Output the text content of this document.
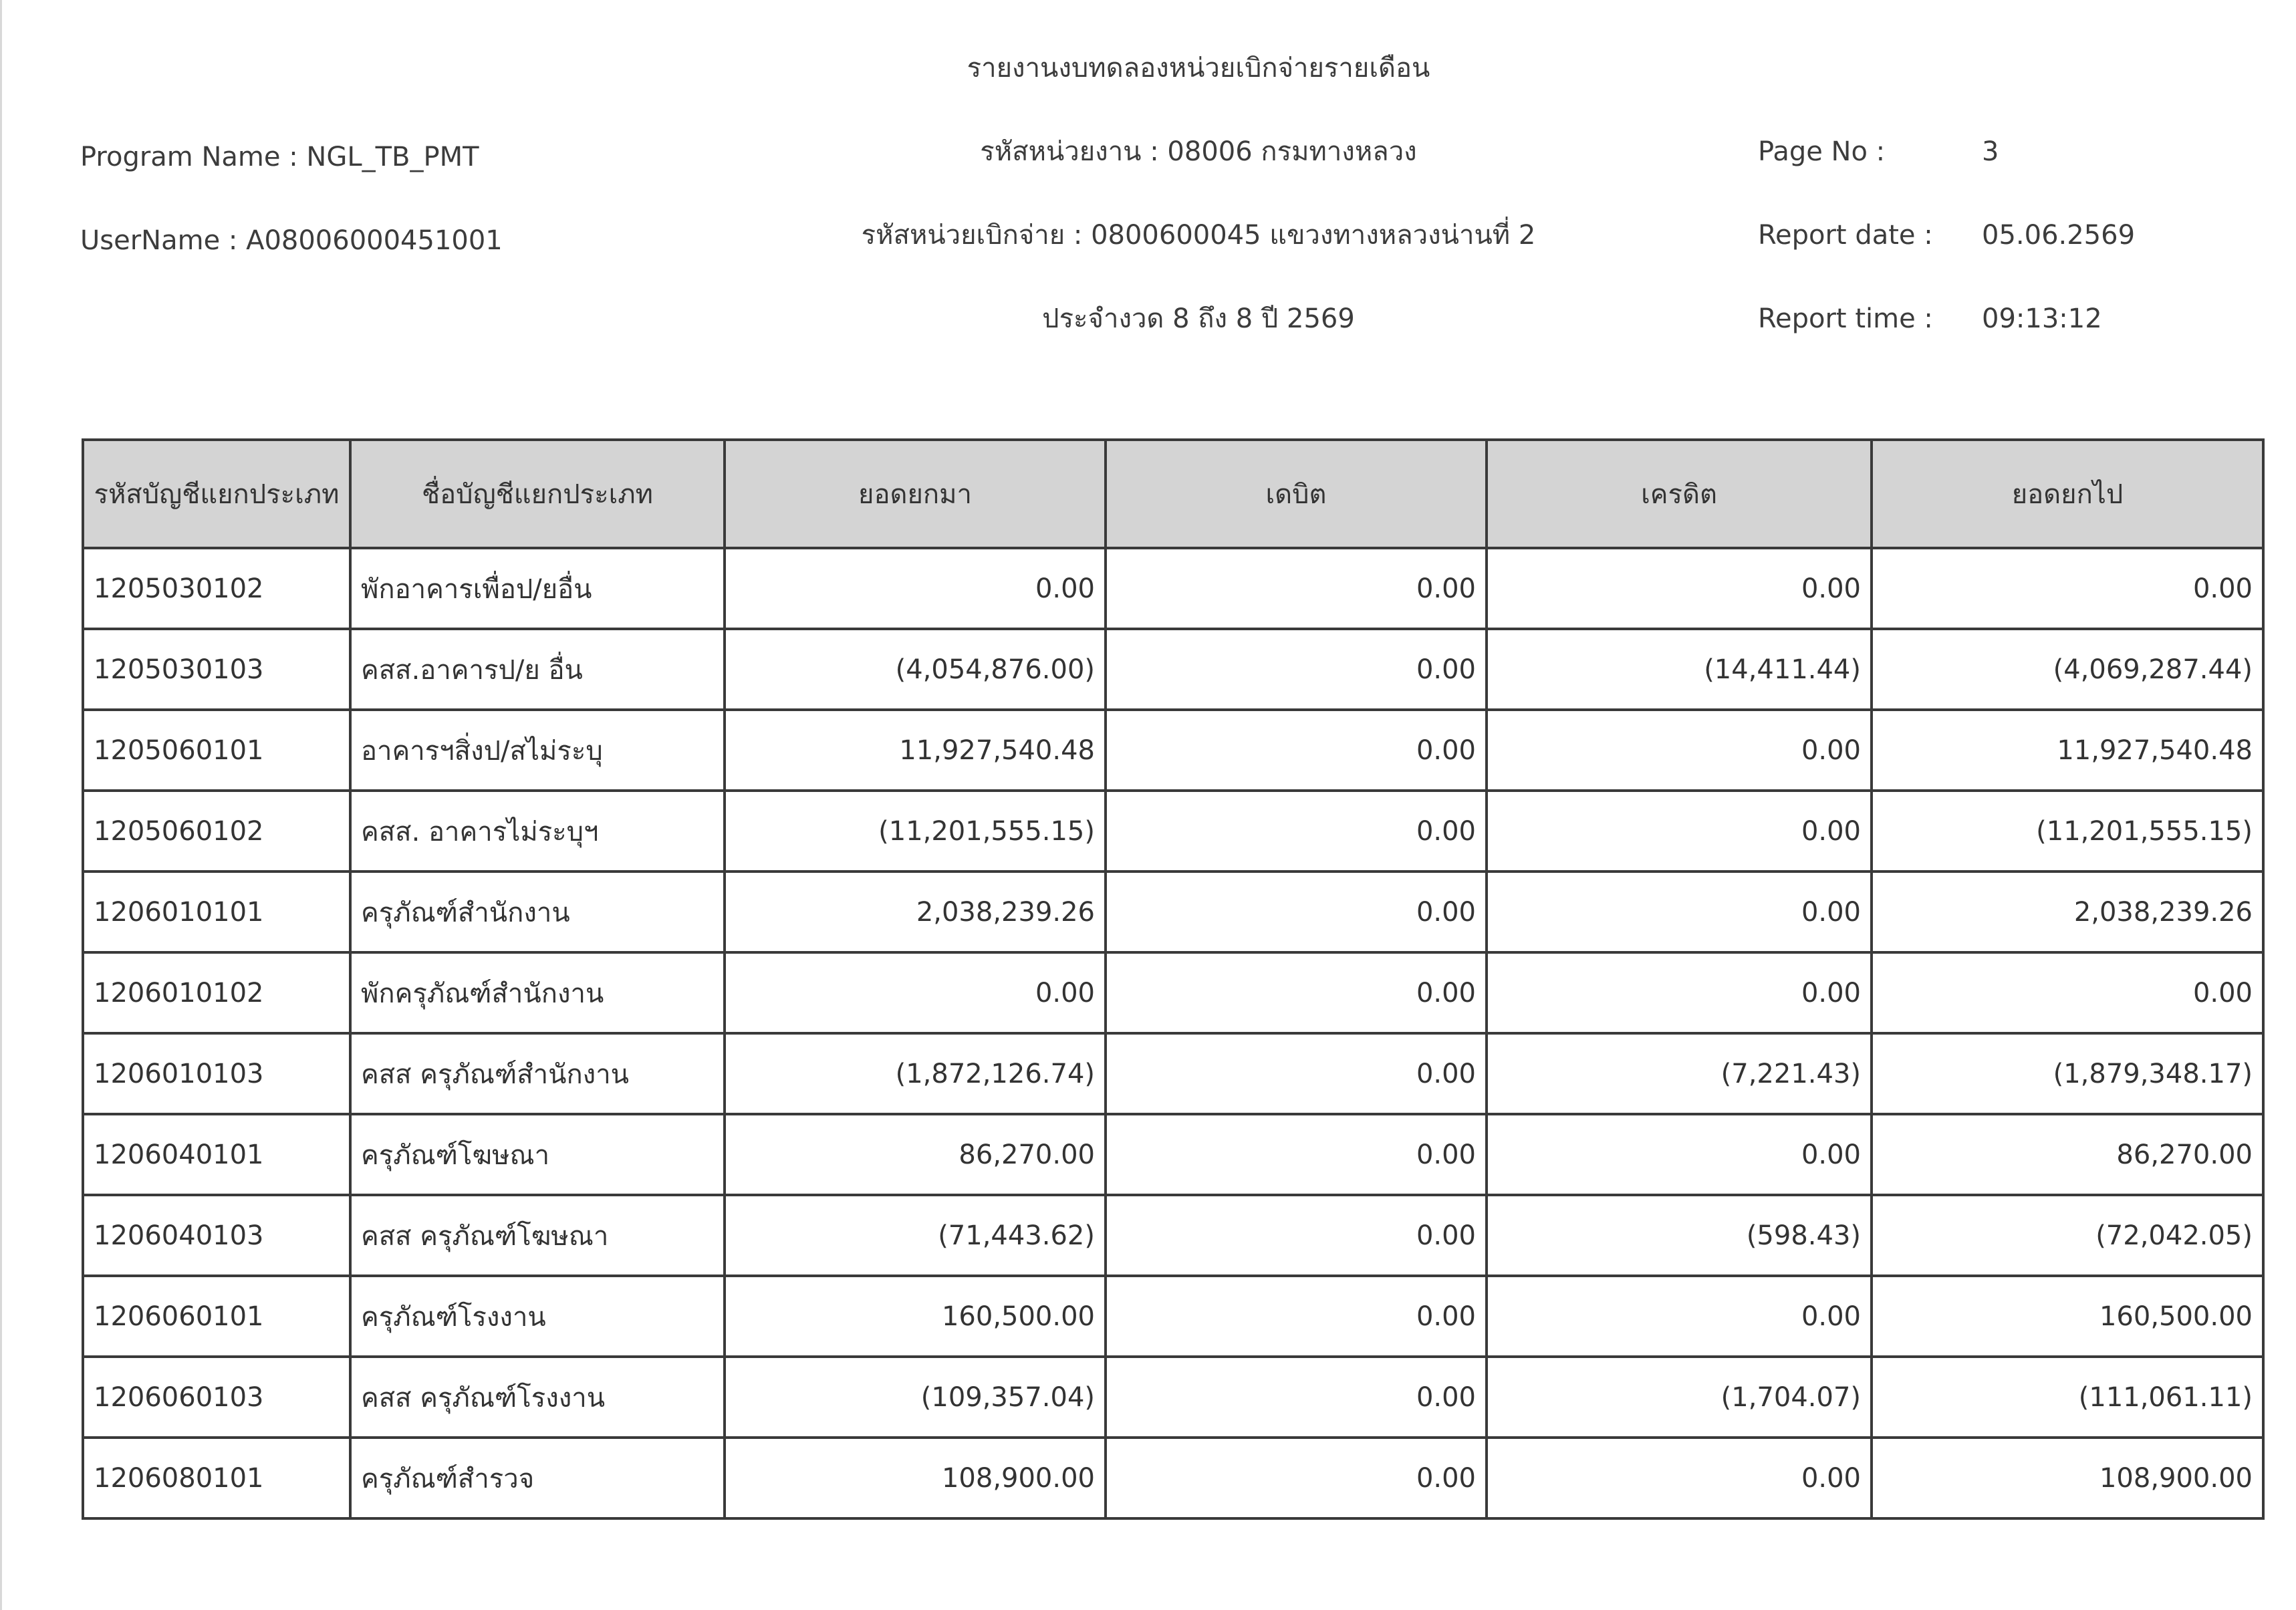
รายงานงบทดลองหน่วยเบิกจ่ายรายเดือน
Program Name : NGL_TB_PMT	รหัสหน่วยงาน : 08006 กรมทางหลวง	Page No :	3
UserName : A08006000451001	รหัสหน่วยเบิกจ่าย : 0800600045 แขวงทางหลวงน่านที่ 2	Report date : 05.06.2569
ประจำงวด 8 ถึง 8 ปี 2569	Report time : 09:13:12
รหัสบัญชีแยกประเภท	ชื่อบัญชีแยกประเภท	ยอดยกมา	เดบิต	เครดิต	ยอดยกไป
1205030102	พักอาคารเพื่อป/ยอื่น	0.00	0.00	0.00	0.00
1205030103	คสส.อาคารป/ย อื่น	(4,054,876.00)	0.00	(14,411.44)	(4,069,287.44)
1205060101	อาคารฯสิ่งป/สไม่ระบุ	11,927,540.48	0.00	0.00	11,927,540.48
1205060102	คสส. อาคารไม่ระบุฯ	(11,201,555.15)	0.00	0.00	(11,201,555.15)
1206010101	ครุภัณฑ์สำนักงาน	2,038,239.26	0.00	0.00	2,038,239.26
1206010102	พักครุภัณฑ์สำนักงาน	0.00	0.00	0.00	0.00
1206010103	คสส ครุภัณฑ์สำนักงาน	(1,872,126.74)	0.00	(7,221.43)	(1,879,348.17)
1206040101	ครุภัณฑ์โฆษณา	86,270.00	0.00	0.00	86,270.00
1206040103	คสส ครุภัณฑ์โฆษณา	(71,443.62)	0.00	(598.43)	(72,042.05)
1206060101	ครุภัณฑ์โรงงาน	160,500.00	0.00	0.00	160,500.00
1206060103	คสส ครุภัณฑ์โรงงาน	(109,357.04)	0.00	(1,704.07)	(111,061.11)
1206080101	ครุภัณฑ์สำรวจ	108,900.00	0.00	0.00	108,900.00
